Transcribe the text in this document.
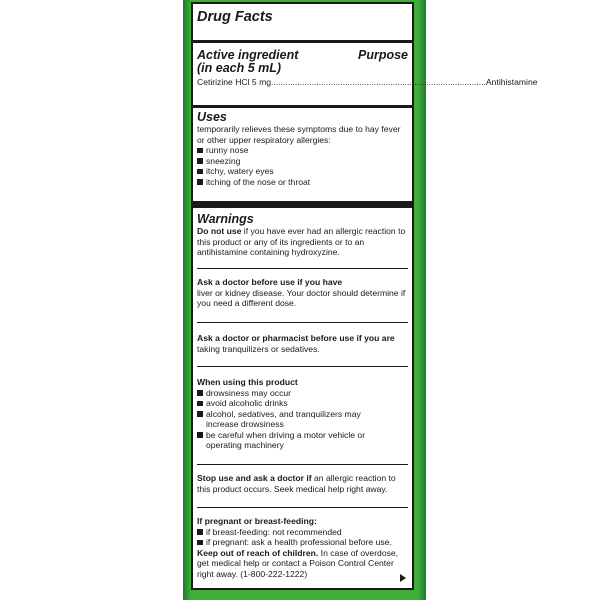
Drug Facts
Active ingredient	Purpose
(in each 5 mL)
Cetirizine HCl 5 mg .......................................................................................... Antihistamine
Uses
temporarily relieves these symptoms due to hay fever or other upper respiratory allergies:
runny nose
sneezing
itchy, watery eyes
itching of the nose or throat
Warnings
Do not use if you have ever had an allergic reaction to this product or any of its ingredients or to an antihistamine containing hydroxyzine.
Ask a doctor before use if you have
liver or kidney disease. Your doctor should determine if you need a different dose.
Ask a doctor or pharmacist before use if you are
taking tranquilizers or sedatives.
When using this product
drowsiness may occur
avoid alcoholic drinks
alcohol, sedatives, and tranquilizers may increase drowsiness
be careful when driving a motor vehicle or operating machinery
Stop use and ask a doctor if an allergic reaction to this product occurs. Seek medical help right away.
If pregnant or breast-feeding:
if breast-feeding: not recommended
if pregnant: ask a health professional before use.
Keep out of reach of children. In case of overdose, get medical help or contact a Poison Control Center right away. (1-800-222-1222)
